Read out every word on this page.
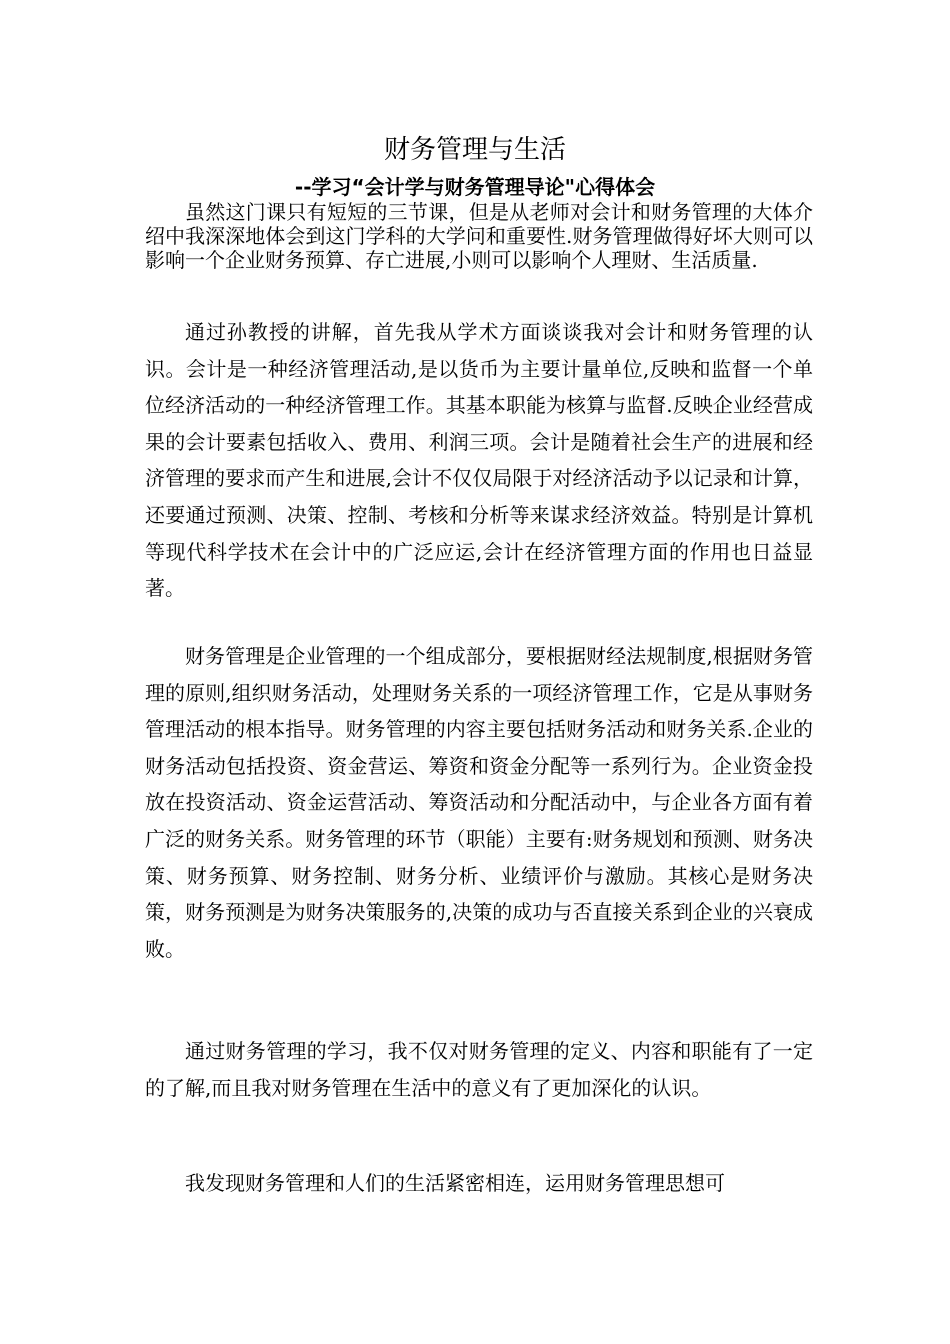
财务管理与生活
--学习“会计学与财务管理导论"心得体会

虽然这门课只有短短的三节课，但是从老师对会计和财务管理的大体介绍中我深深地体会到这门学科的大学问和重要性.财务管理做得好坏大则可以影响一个企业财务预算、存亡进展,小则可以影响个人理财、生活质量.

通过孙教授的讲解，首先我从学术方面谈谈我对会计和财务管理的认识。会计是一种经济管理活动,是以货币为主要计量单位,反映和监督一个单位经济活动的一种经济管理工作。其基本职能为核算与监督.反映企业经营成果的会计要素包括收入、费用、利润三项。会计是随着社会生产的进展和经济管理的要求而产生和进展,会计不仅仅局限于对经济活动予以记录和计算，还要通过预测、决策、控制、考核和分析等来谋求经济效益。特别是计算机等现代科学技术在会计中的广泛应运,会计在经济管理方面的作用也日益显著。

财务管理是企业管理的一个组成部分，要根据财经法规制度,根据财务管理的原则,组织财务活动，处理财务关系的一项经济管理工作，它是从事财务管理活动的根本指导。财务管理的内容主要包括财务活动和财务关系.企业的财务活动包括投资、资金营运、筹资和资金分配等一系列行为。企业资金投放在投资活动、资金运营活动、筹资活动和分配活动中，与企业各方面有着广泛的财务关系。财务管理的环节（职能）主要有:财务规划和预测、财务决策、财务预算、财务控制、财务分析、业绩评价与激励。其核心是财务决策，财务预测是为财务决策服务的,决策的成功与否直接关系到企业的兴衰成败。

通过财务管理的学习，我不仅对财务管理的定义、内容和职能有了一定的了解,而且我对财务管理在生活中的意义有了更加深化的认识。

我发现财务管理和人们的生活紧密相连，运用财务管理思想可
